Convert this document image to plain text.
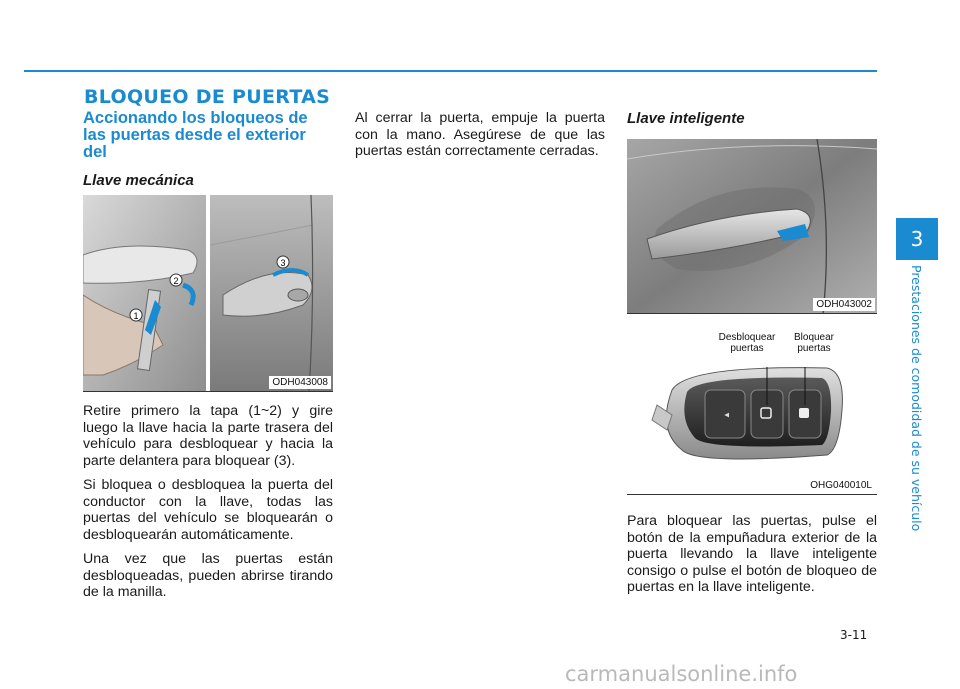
BLOQUEO DE PUERTAS
Accionando los bloqueos de las puertas desde el exterior del
Llave mecánica
1
2
3
ODH043008

Retire primero la tapa (1~2) y gire luego la llave hacia la parte trasera del vehículo para desbloquear y hacia la parte delantera para bloquear (3).

Si bloquea o desbloquea la puerta del conductor con la llave, todas las puertas del vehículo se bloquearán o desbloquearán automáticamente.

Una vez que las puertas están desbloqueadas, pueden abrirse tirando de la manilla.

Al cerrar la puerta, empuje la puerta con la mano. Asegúrese de que las puertas están correctamente cerradas.

Llave inteligente
ODH043002
▲
Desbloquear puertas
Bloquear puertas
OHG040010L

Para bloquear las puertas, pulse el botón de la empuñadura exterior de la puerta llevando la llave inteligente consigo o pulse el botón de bloqueo de puertas en la llave inteligente.

3
Prestaciones de comodidad de su vehículo
3-11
carmanualsonline.info
